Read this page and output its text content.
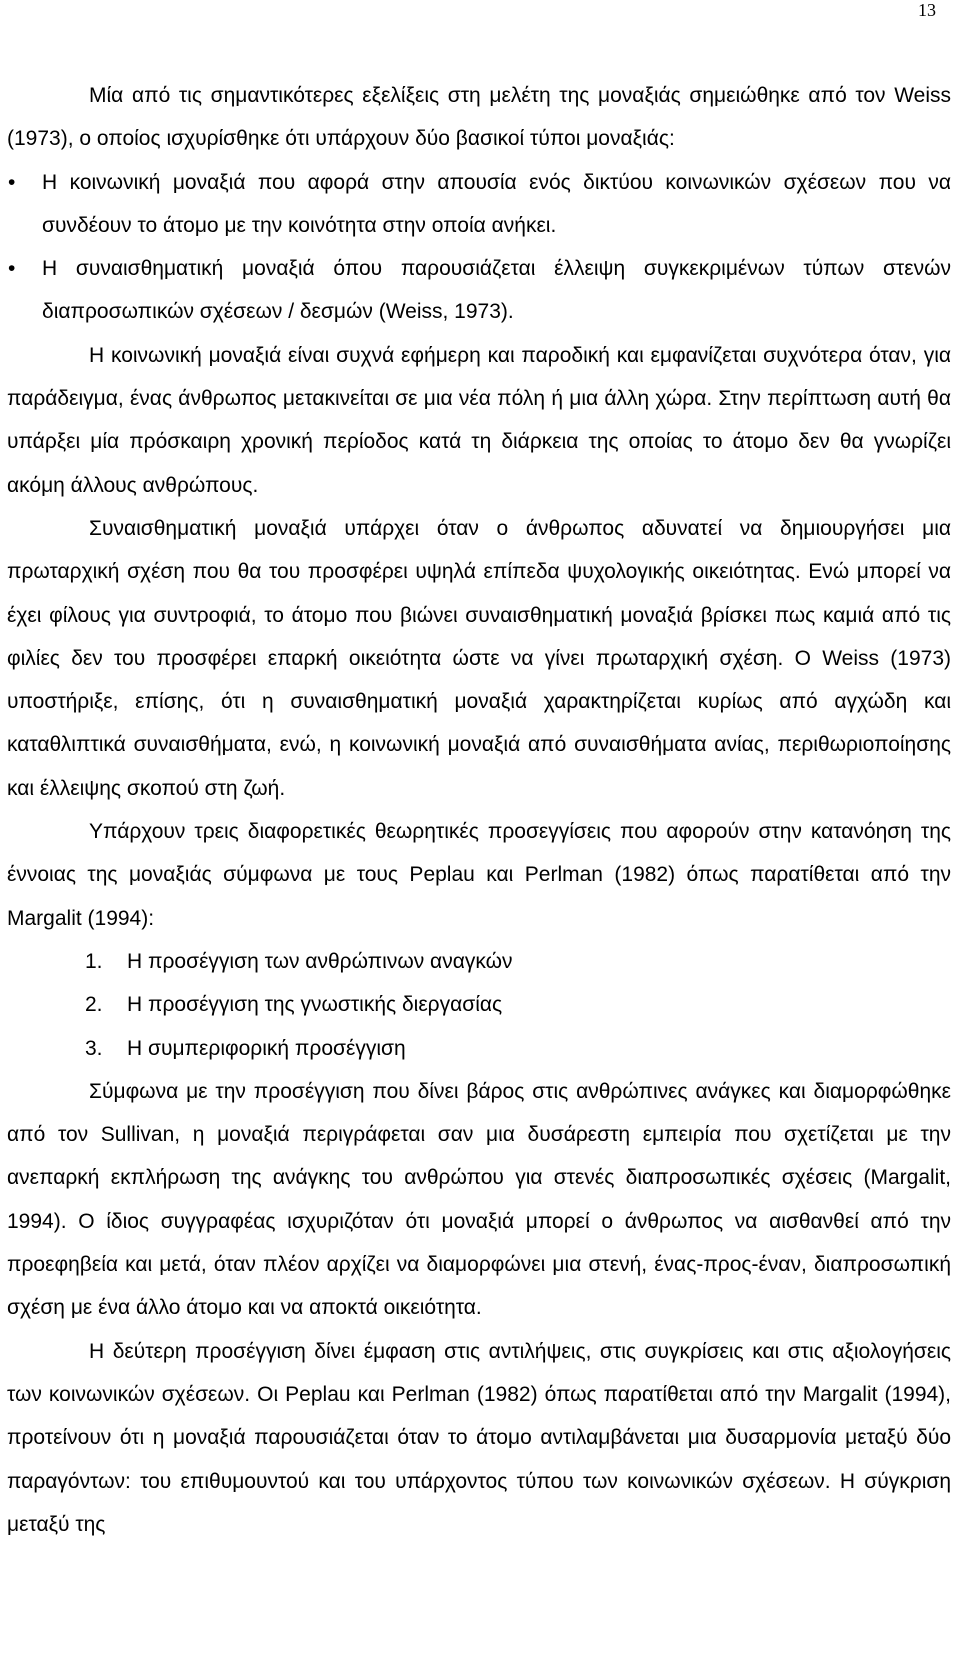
13

Μία από τις σημαντικότερες εξελίξεις στη μελέτη της μοναξιάς σημειώθηκε από τον Weiss (1973), ο οποίος ισχυρίσθηκε ότι υπάρχουν δύο βασικοί τύποι μοναξιάς:

•	Η κοινωνική μοναξιά που αφορά στην απουσία ενός δικτύου κοινωνικών σχέσεων που να συνδέουν το άτομο με την κοινότητα στην οποία ανήκει.
•	Η συναισθηματική μοναξιά όπου παρουσιάζεται έλλειψη συγκεκριμένων τύπων στενών διαπροσωπικών σχέσεων / δεσμών (Weiss, 1973).

Η κοινωνική μοναξιά είναι συχνά εφήμερη και παροδική και εμφανίζεται συχνότερα όταν, για παράδειγμα, ένας άνθρωπος μετακινείται σε μια νέα πόλη ή μια άλλη χώρα. Στην περίπτωση αυτή θα υπάρξει μία πρόσκαιρη χρονική περίοδος κατά τη διάρκεια της οποίας το άτομο δεν θα γνωρίζει ακόμη άλλους ανθρώπους.

Συναισθηματική μοναξιά υπάρχει όταν ο άνθρωπος αδυνατεί να δημιουργήσει μια πρωταρχική σχέση που θα του προσφέρει υψηλά επίπεδα ψυχολογικής οικειότητας. Ενώ μπορεί να έχει φίλους για συντροφιά, το άτομο που βιώνει συναισθηματική μοναξιά βρίσκει πως καμιά από τις φιλίες δεν του προσφέρει επαρκή οικειότητα ώστε να γίνει πρωταρχική σχέση. Ο Weiss (1973) υποστήριξε, επίσης, ότι η συναισθηματική μοναξιά χαρακτηρίζεται κυρίως από αγχώδη και καταθλιπτικά συναισθήματα, ενώ, η κοινωνική μοναξιά από συναισθήματα ανίας, περιθωριοποίησης και έλλειψης σκοπού στη ζωή.

Υπάρχουν τρεις διαφορετικές θεωρητικές προσεγγίσεις που αφορούν στην κατανόηση της έννοιας της μοναξιάς σύμφωνα με τους Peplau και Perlman (1982) όπως παρατίθεται από την Margalit (1994):

1. Η προσέγγιση των ανθρώπινων αναγκών
2. Η προσέγγιση της γνωστικής διεργασίας
3. Η συμπεριφορική προσέγγιση

Σύμφωνα με την προσέγγιση που δίνει βάρος στις ανθρώπινες ανάγκες και διαμορφώθηκε από τον Sullivan, η μοναξιά περιγράφεται σαν μια δυσάρεστη εμπειρία που σχετίζεται με την ανεπαρκή εκπλήρωση της ανάγκης του ανθρώπου για στενές διαπροσωπικές σχέσεις (Margalit, 1994). Ο ίδιος συγγραφέας ισχυριζόταν ότι μοναξιά μπορεί ο άνθρωπος να αισθανθεί από την προεφηβεία και μετά, όταν πλέον αρχίζει να διαμορφώνει μια στενή, ένας-προς-έναν, διαπροσωπική σχέση με ένα άλλο άτομο και να αποκτά οικειότητα.

Η δεύτερη προσέγγιση δίνει έμφαση στις αντιλήψεις, στις συγκρίσεις και στις αξιολογήσεις των κοινωνικών σχέσεων. Οι Peplau και Perlman (1982) όπως παρατίθεται από την Margalit (1994), προτείνουν ότι η μοναξιά παρουσιάζεται όταν το άτομο αντιλαμβάνεται μια δυσαρμονία μεταξύ δύο παραγόντων: του επιθυμουντού και του υπάρχοντος τύπου των κοινωνικών σχέσεων. Η σύγκριση μεταξύ της
